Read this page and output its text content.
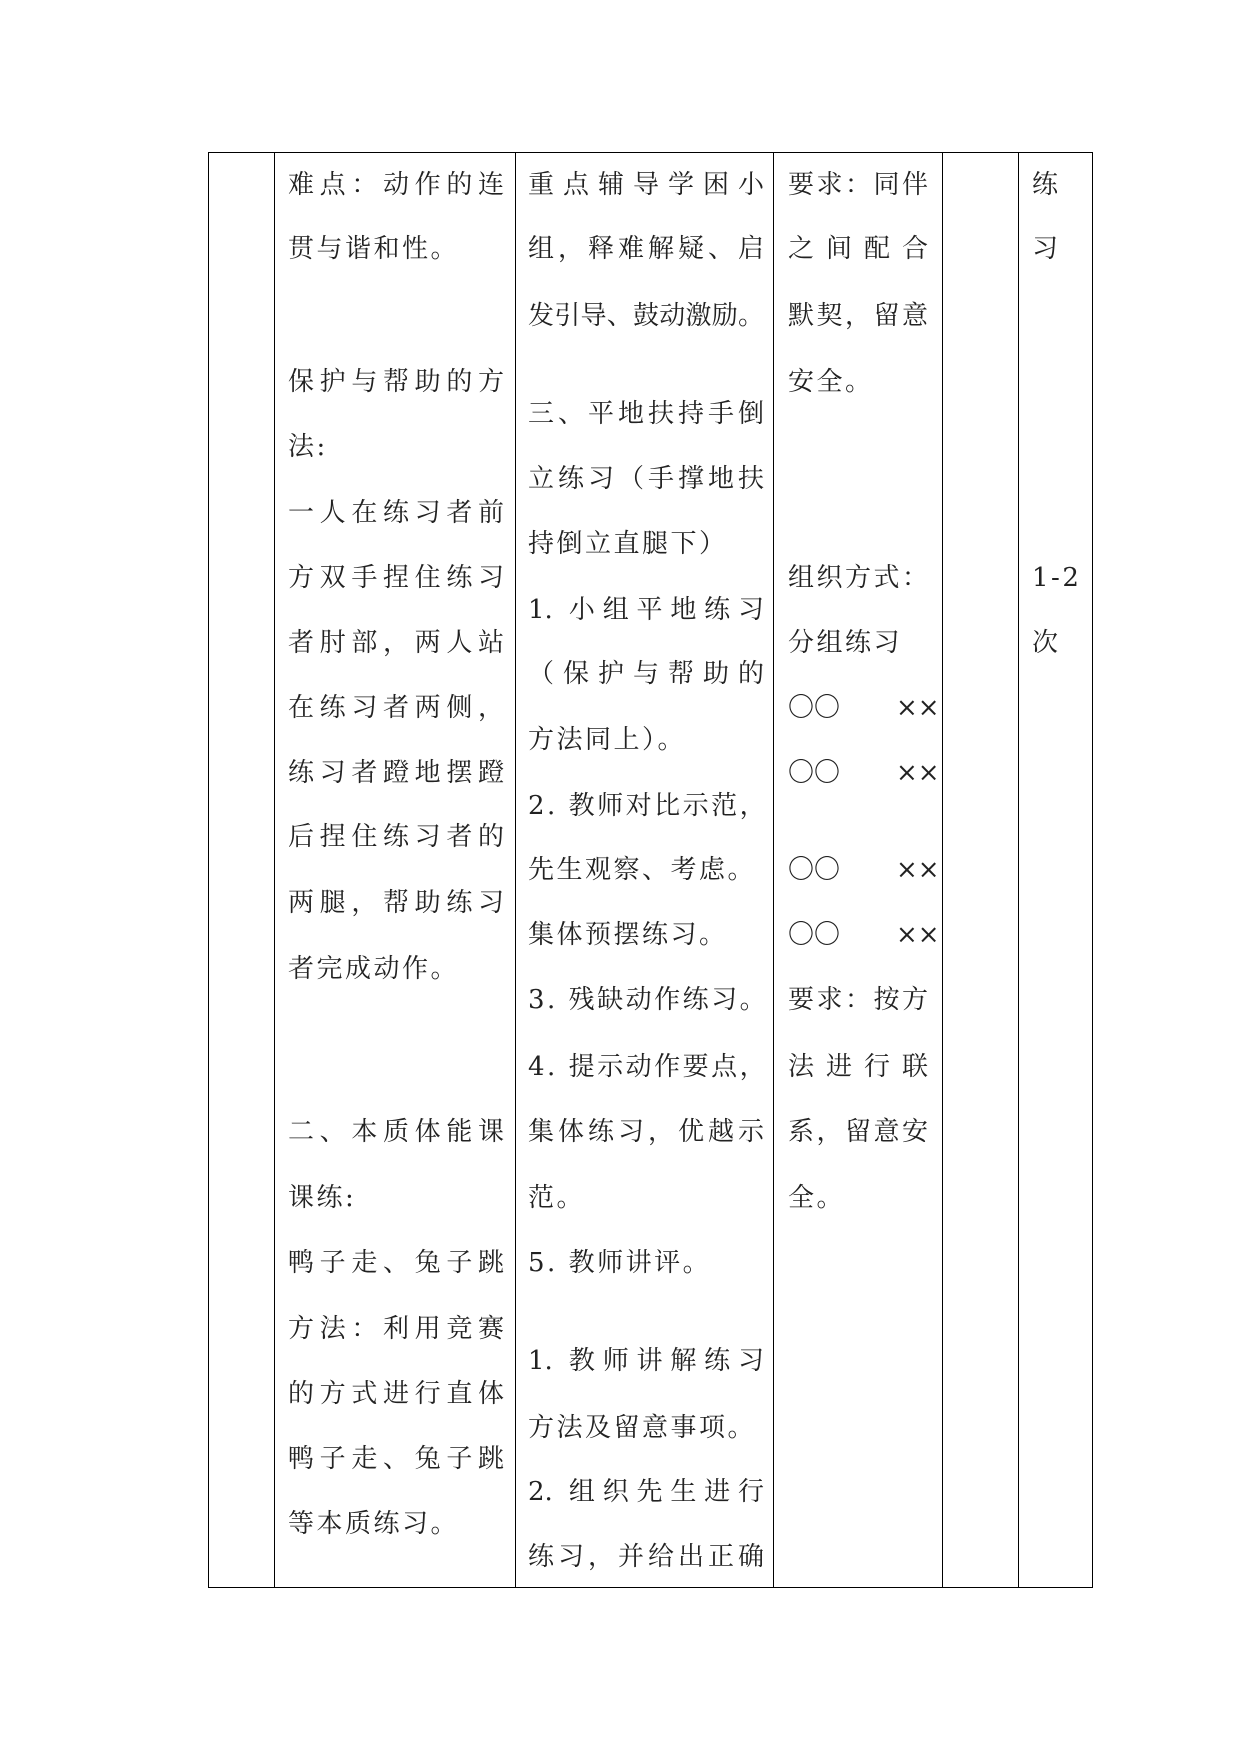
难点：动作的连
贯与谐和性。
保护与帮助的方
法:
一人在练习者前
方双手捏住练习
者肘部，两人站
在练习者两侧，
练习者蹬地摆蹬
后捏住练习者的
两腿，帮助练习
者完成动作。
二、本质体能课
课练:
鸭子走、兔子跳
方法：利用竞赛
的方式进行直体
鸭子走、兔子跳
等本质练习。
重点辅导学困小
组，释难解疑、启
发引导、鼓动激励。
三、平地扶持手倒
立练习（手撑地扶
持倒立直腿下）
1. 小组平地练习
（保护与帮助的
方法同上）。
2. 教师对比示范，
先生观察、考虑。
集体预摆练习。
3. 残缺动作练习。
4. 提示动作要点，
集体练习，优越示
范。
5. 教师讲评。
1. 教师讲解练习
方法及留意事项。
2. 组织先生进行
练习，并给出正确
要求：同伴
之间配合
默契，留意
安全。
组织方式：
分组练习
〇〇 ××
〇〇 ××
〇〇 ××
〇〇 ××
要求：按方
法进行联
系，留意安
全。
练
习
1-2
次
